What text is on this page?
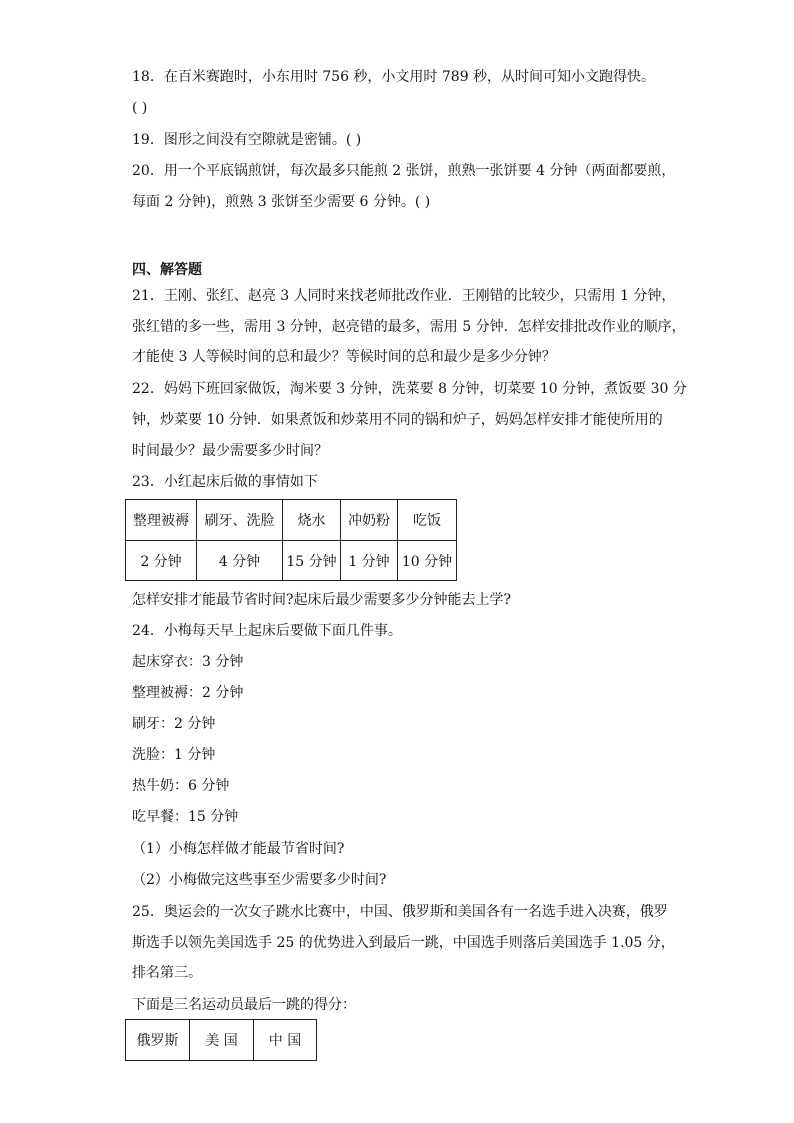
18．在百米赛跑时，小东用时 756 秒，小文用时 789 秒，从时间可知小文跑得快。
( )
19．图形之间没有空隙就是密铺。( )
20．用一个平底锅煎饼，每次最多只能煎 2 张饼，煎熟一张饼要 4 分钟（两面都要煎，
每面 2 分钟)，煎熟 3 张饼至少需要 6 分钟。( )
四、解答题
21．王刚、张红、赵亮 3 人同时来找老师批改作业．王刚错的比较少，只需用 1 分钟，
张红错的多一些，需用 3 分钟，赵亮错的最多，需用 5 分钟．怎样安排批改作业的顺序，
才能使 3 人等候时间的总和最少？等候时间的总和最少是多少分钟？
22．妈妈下班回家做饭，淘米要 3 分钟，洗菜要 8 分钟，切菜要 10 分钟，煮饭要 30 分
钟，炒菜要 10 分钟．如果煮饭和炒菜用不同的锅和炉子，妈妈怎样安排才能使所用的
时间最少？最少需要多少时间？
23．小红起床后做的事情如下
整理被褥	刷牙、洗脸	烧水	冲奶粉	吃饭
2 分钟	4 分钟	15 分钟	1 分钟	10 分钟
怎样安排才能最节省时间?起床后最少需要多少分钟能去上学?
24．小梅每天早上起床后要做下面几件事。
起床穿衣：3 分钟
整理被褥：2 分钟
刷牙：2 分钟
洗脸：1 分钟
热牛奶：6 分钟
吃早餐：15 分钟
（1）小梅怎样做才能最节省时间?
（2）小梅做完这些事至少需要多少时间?
25．奥运会的一次女子跳水比赛中，中国、俄罗斯和美国各有一名选手进入决赛，俄罗
斯选手以领先美国选手 25 的优势进入到最后一跳，中国选手则落后美国选手 1.05 分，
排名第三。
下面是三名运动员最后一跳的得分：
俄罗斯	美 国	中 国
